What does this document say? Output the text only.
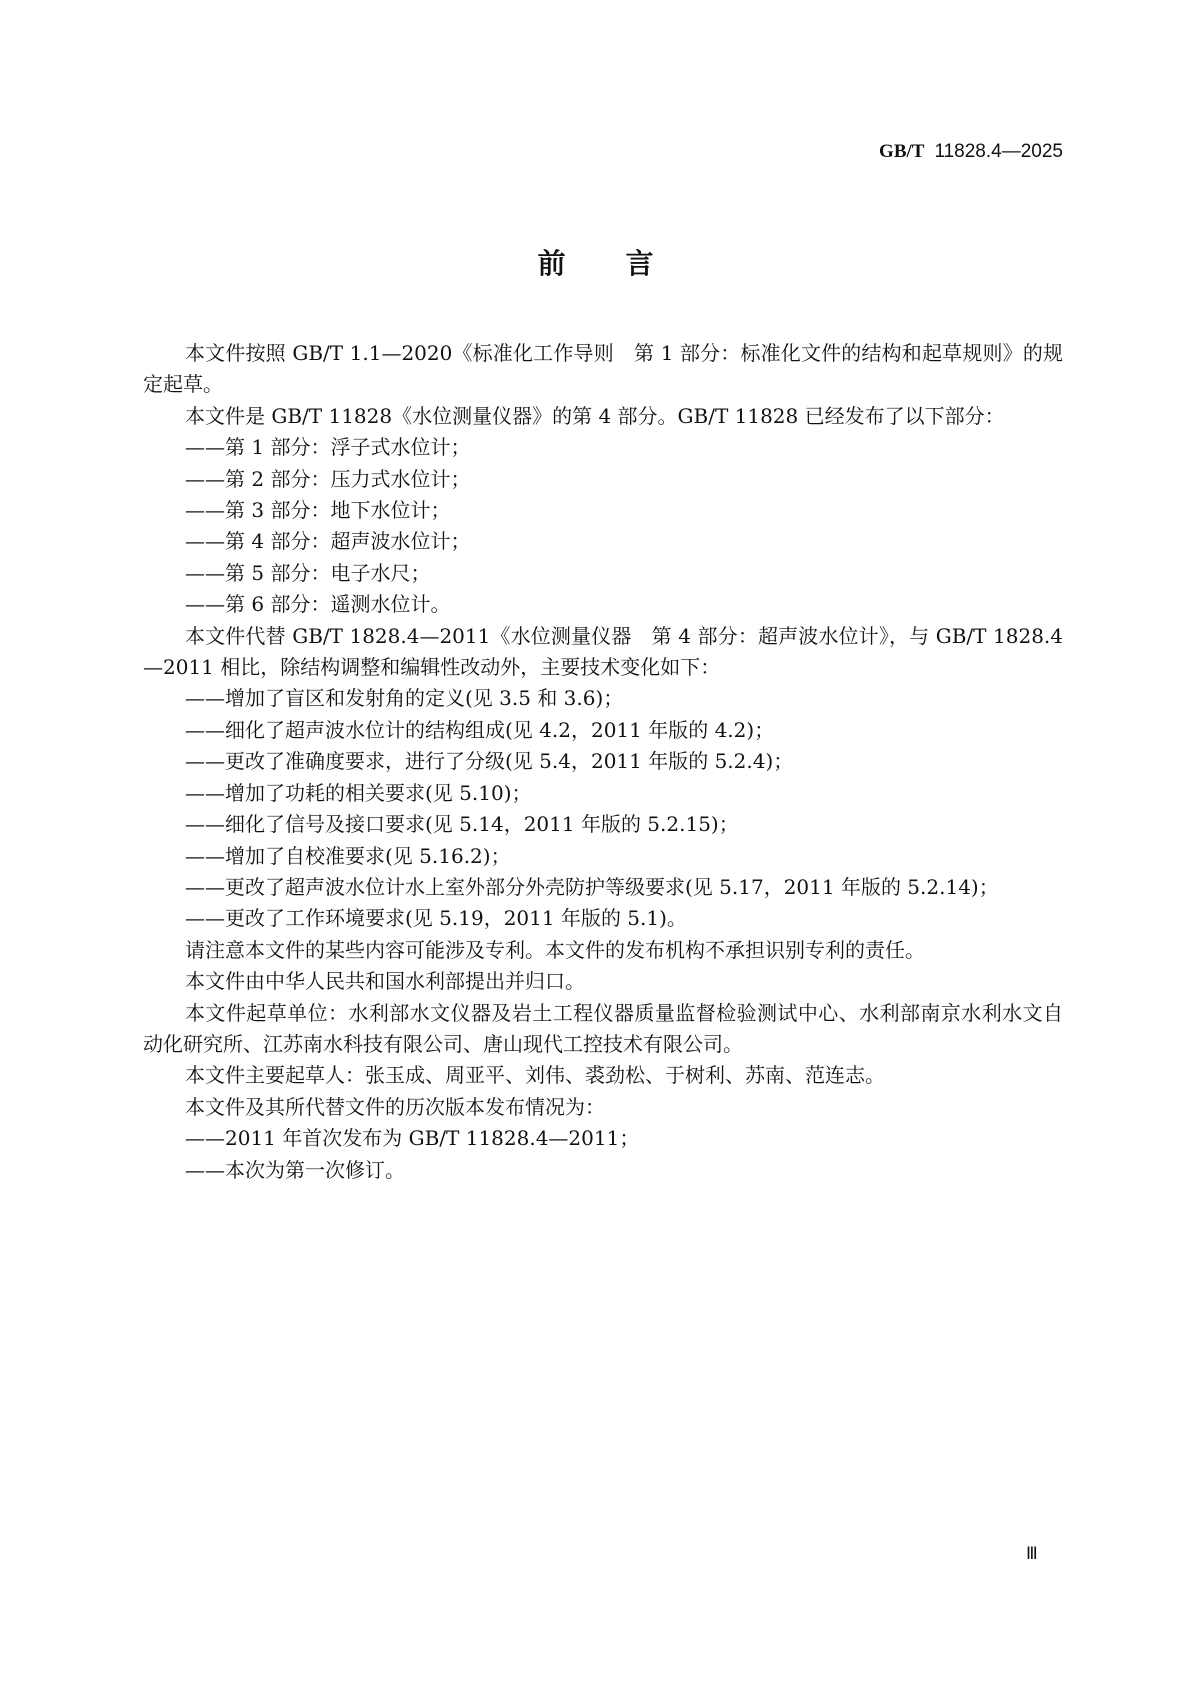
GB/T 11828.4—2025
前言

本文件按照 GB/T 1.1—2020《标准化工作导则　第 1 部分：标准化文件的结构和起草规则》的规定起草。

本文件是 GB/T 11828《水位测量仪器》的第 4 部分。GB/T 11828 已经发布了以下部分：

——第 1 部分：浮子式水位计；

——第 2 部分：压力式水位计；

——第 3 部分：地下水位计；

——第 4 部分：超声波水位计；

——第 5 部分：电子水尺；

——第 6 部分：遥测水位计。

本文件代替 GB/T 1828.4—2011《水位测量仪器　第 4 部分：超声波水位计》，与 GB/T 1828.4—2011 相比，除结构调整和编辑性改动外，主要技术变化如下：

——增加了盲区和发射角的定义(见 3.5 和 3.6)；

——细化了超声波水位计的结构组成(见 4.2，2011 年版的 4.2)；

——更改了准确度要求，进行了分级(见 5.4，2011 年版的 5.2.4)；

——增加了功耗的相关要求(见 5.10)；

——细化了信号及接口要求(见 5.14，2011 年版的 5.2.15)；

——增加了自校准要求(见 5.16.2)；

——更改了超声波水位计水上室外部分外壳防护等级要求(见 5.17，2011 年版的 5.2.14)；

——更改了工作环境要求(见 5.19，2011 年版的 5.1)。

请注意本文件的某些内容可能涉及专利。本文件的发布机构不承担识别专利的责任。

本文件由中华人民共和国水利部提出并归口。

本文件起草单位：水利部水文仪器及岩土工程仪器质量监督检验测试中心、水利部南京水利水文自动化研究所、江苏南水科技有限公司、唐山现代工控技术有限公司。

本文件主要起草人：张玉成、周亚平、刘伟、裘劲松、于树利、苏南、范连志。

本文件及其所代替文件的历次版本发布情况为：

——2011 年首次发布为 GB/T 11828.4—2011；

——本次为第一次修订。

Ⅲ
